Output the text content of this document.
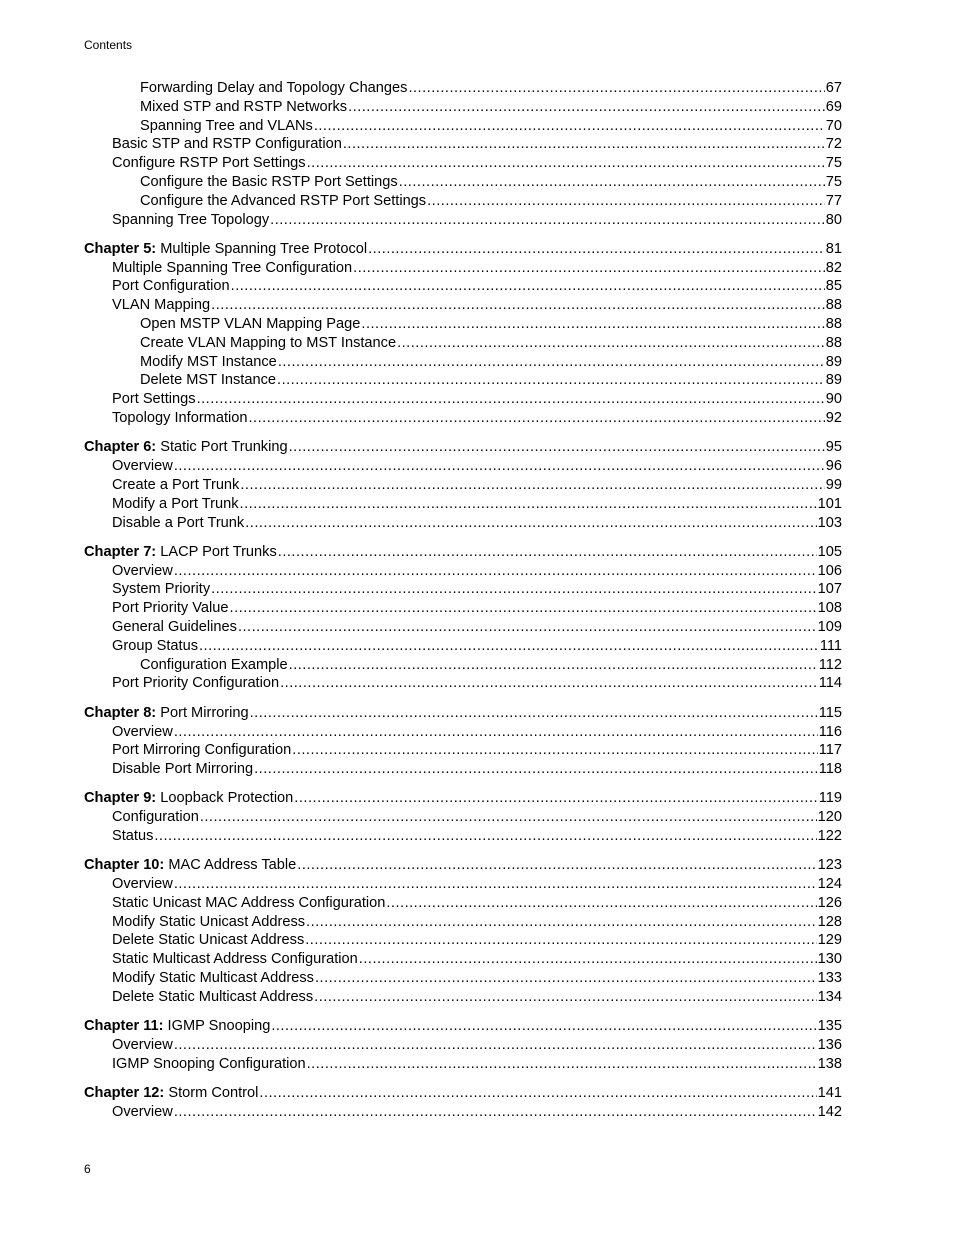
Contents
Forwarding Delay and Topology Changes .....	67
Mixed STP and RSTP Networks .....	69
Spanning Tree and VLANs .....	70
Basic STP and RSTP Configuration .....	72
Configure RSTP Port Settings .....	75
Configure the Basic RSTP Port Settings .....	75
Configure the Advanced RSTP Port Settings .....	77
Spanning Tree Topology .....	80
Chapter 5: Multiple Spanning Tree Protocol .....	81
Multiple Spanning Tree Configuration .....	82
Port Configuration .....	85
VLAN Mapping .....	88
Open MSTP VLAN Mapping Page .....	88
Create VLAN Mapping to MST Instance .....	88
Modify MST Instance .....	89
Delete MST Instance .....	89
Port Settings .....	90
Topology Information .....	92
Chapter 6: Static Port Trunking .....	95
Overview .....	96
Create a Port Trunk .....	99
Modify a Port Trunk .....	101
Disable a Port Trunk .....	103
Chapter 7: LACP Port Trunks .....	105
Overview .....	106
System Priority .....	107
Port Priority Value .....	108
General Guidelines .....	109
Group Status .....	111
Configuration Example .....	112
Port Priority Configuration .....	114
Chapter 8: Port Mirroring .....	115
Overview .....	116
Port Mirroring Configuration .....	117
Disable Port Mirroring .....	118
Chapter 9: Loopback Protection .....	119
Configuration .....	120
Status .....	122
Chapter 10: MAC Address Table .....	123
Overview .....	124
Static Unicast MAC Address Configuration .....	126
Modify Static Unicast Address .....	128
Delete Static Unicast Address .....	129
Static Multicast Address Configuration .....	130
Modify Static Multicast Address .....	133
Delete Static Multicast Address .....	134
Chapter 11: IGMP Snooping .....	135
Overview .....	136
IGMP Snooping Configuration .....	138
Chapter 12: Storm Control .....	141
Overview .....	142
6
